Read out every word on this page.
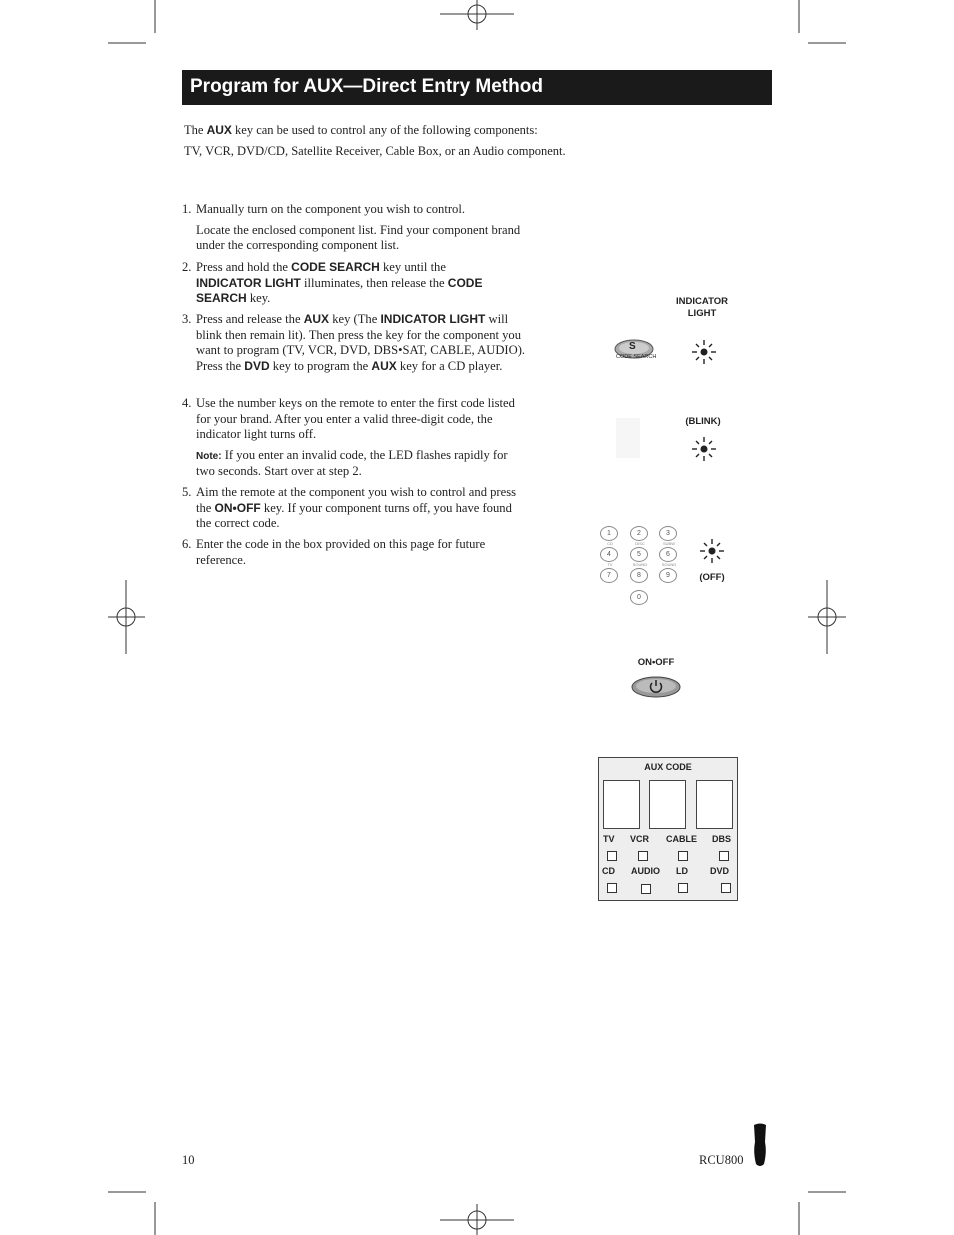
Program for AUX—Direct Entry Method
The AUX key can be used to control any of the following components:
TV, VCR, DVD/CD, Satellite Receiver, Cable Box, or an Audio component.
1. Manually turn on the component you wish to control.
Locate the enclosed component list. Find your component brand under the corresponding component list.
2. Press and hold the CODE SEARCH key until the INDICATOR LIGHT illuminates, then release the CODE SEARCH key.
3. Press and release the AUX key (The INDICATOR LIGHT will blink then remain lit). Then press the key for the component you want to program (TV, VCR, DVD, DBS•SAT, CABLE, AUDIO). Press the DVD key to program the AUX key for a CD player.
4. Use the number keys on the remote to enter the first code listed for your brand. After you enter a valid three-digit code, the indicator light turns off.
Note: If you enter an invalid code, the LED flashes rapidly for two seconds. Start over at step 2.
5. Aim the remote at the component you wish to control and press the ON•OFF key. If your component turns off, you have found the correct code.
6. Enter the code in the box provided on this page for future reference.
INDICATOR LIGHT
S
CODE SEARCH
(BLINK)
1	2	3
CD	DISC	SUBW
4	5	6
TV	SOUND	SOUND
7	8	9
0
(OFF)
ON•OFF
AUX CODE
TV VCR CABLE DBS
CD AUDIO LD DVD
10	RCU800
